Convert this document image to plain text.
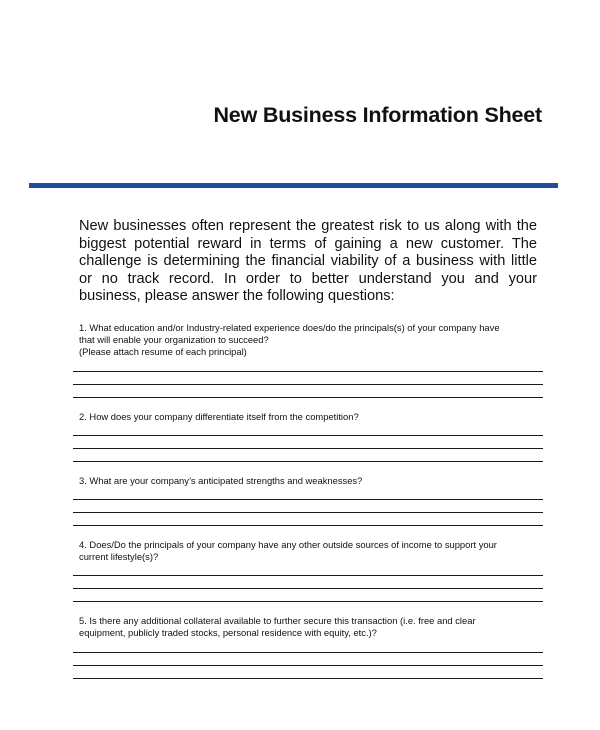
New Business Information Sheet
New businesses often represent the greatest risk to us along with the biggest potential reward in terms of gaining a new customer. The challenge is determining the financial viability of a business with little or no track record. In order to better understand you and your business, please answer the following questions:
1. What education and/or Industry-related experience does/do the principals(s) of your company have
that will enable your organization to succeed?
(Please attach resume of each principal)
2. How does your company differentiate itself from the competition?
3. What are your company’s anticipated strengths and weaknesses?
4. Does/Do the principals of your company have any other outside sources of income to support your
current lifestyle(s)?
5. Is there any additional collateral available to further secure this transaction (i.e. free and clear
equipment, publicly traded stocks, personal residence with equity, etc.)?
